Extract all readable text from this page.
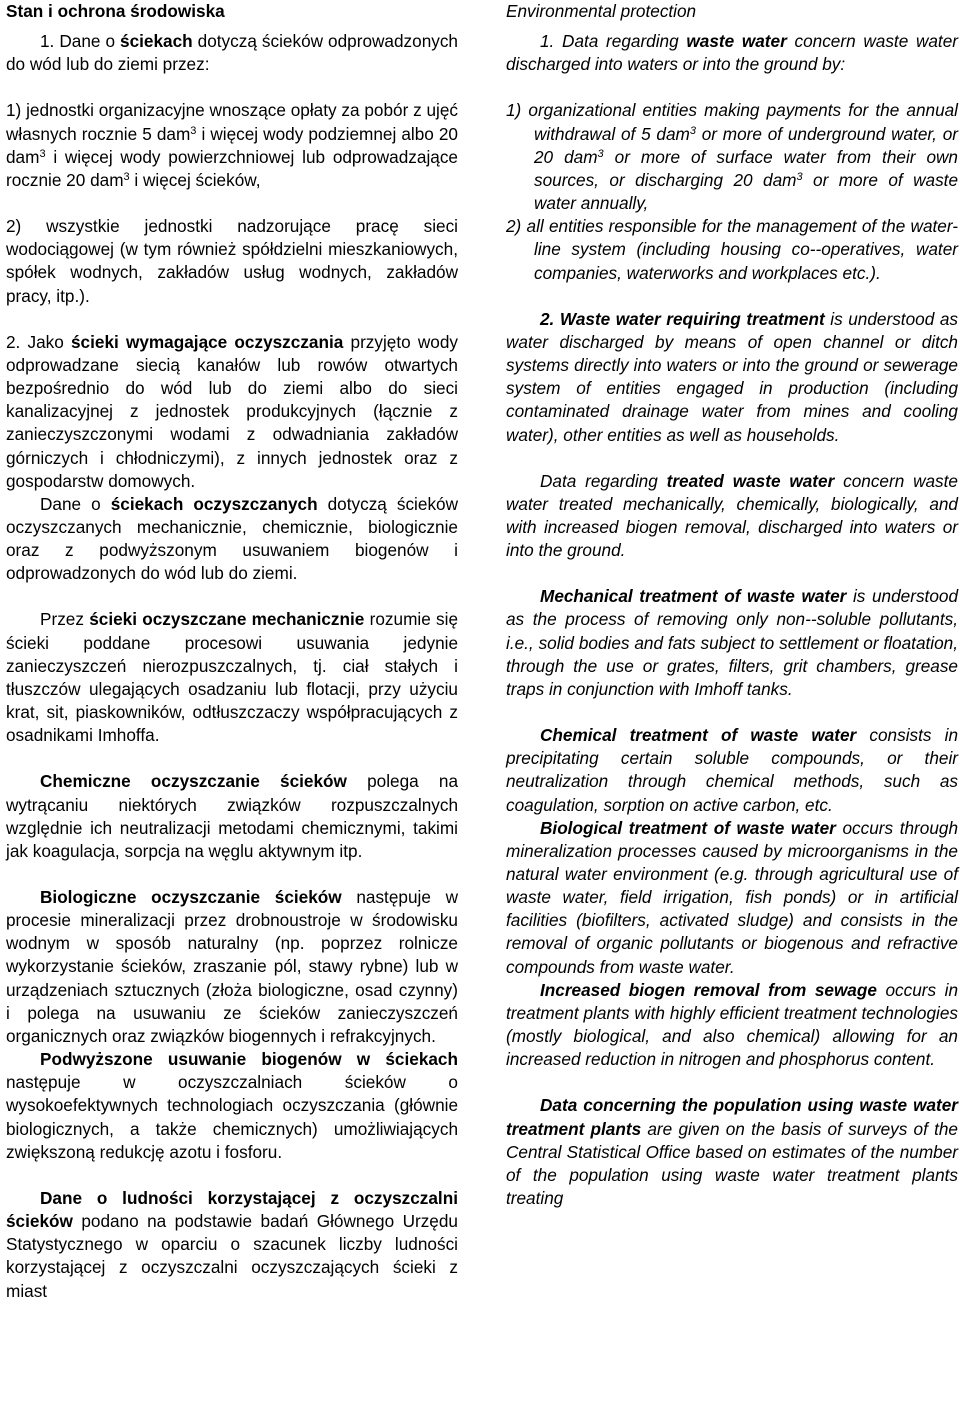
Stan i ochrona środowiska

1. Dane o ściekach dotyczą ścieków odprowadzonych do wód lub do ziemi przez:

1) jednostki organizacyjne wnoszące opłaty za pobór z ujęć własnych rocznie 5 dam$^3$ i więcej wody podziemnej albo 20 dam$^3$ i więcej wody powierzchniowej lub odprowadzające rocznie 20 dam$^3$ i więcej ścieków,

2) wszystkie jednostki nadzorujące pracę sieci wodociągowej (w tym również spółdzielni mieszkaniowych, spółek wodnych, zakładów usług wodnych, zakładów pracy, itp.).

2. Jako ścieki wymagające oczyszczania przyjęto wody odprowadzane siecią kanałów lub rowów otwartych bezpośrednio do wód lub do ziemi albo do sieci kanalizacyjnej z jednostek produkcyjnych (łącznie z zanieczyszczonymi wodami z odwadniania zakładów górniczych i chłodniczymi), z innych jednostek oraz z gospodarstw domowych.

Dane o ściekach oczyszczanych dotyczą ścieków oczyszczanych mechanicznie, chemicznie, biologicznie oraz z podwyższonym usuwaniem biogenów i odprowadzonych do wód lub do ziemi.

Przez ścieki oczyszczane mechanicznie rozumie się ścieki poddane procesowi usuwania jedynie zanieczyszczeń nierozpuszczalnych, tj. ciał stałych i tłuszczów ulegających osadzaniu lub flotacji, przy użyciu krat, sit, piaskowników, odtłuszczaczy współpracujących z osadnikami Imhoffa.

Chemiczne oczyszczanie ścieków polega na wytrącaniu niektórych związków rozpuszczalnych względnie ich neutralizacji metodami chemicznymi, takimi jak koagulacja, sorpcja na węglu aktywnym itp.

Biologiczne oczyszczanie ścieków następuje w procesie mineralizacji przez drobnoustroje w środowisku wodnym w sposób naturalny (np. poprzez rolnicze wykorzystanie ścieków, zraszanie pól, stawy rybne) lub w urządzeniach sztucznych (złoża biologiczne, osad czynny) i polega na usuwaniu ze ścieków zanieczyszczeń organicznych oraz związków biogennych i refrakcyjnych.

Podwyższone usuwanie biogenów w ściekach następuje w oczyszczalniach ścieków o wysokoefektywnych technologiach oczyszczania (głównie biologicznych, a także chemicznych) umożliwiających zwiększoną redukcję azotu i fosforu.

Dane o ludności korzystającej z oczyszczalni ścieków podano na podstawie badań Głównego Urzędu Statystycznego w oparciu o szacunek liczby ludności korzystającej z oczyszczalni oczyszczających ścieki z miast

Environmental protection

1. Data regarding waste water concern waste water discharged into waters or into the ground by:

1) organizational entities making payments for the annual withdrawal of 5 dam$^3$ or more of underground water, or 20 dam$^3$ or more of surface water from their own sources, or discharging 20 dam$^3$ or more of waste water annually,

2) all entities responsible for the management of the water-line system (including housing co--operatives, water companies, waterworks and workplaces etc.).

2. Waste water requiring treatment is understood as water discharged by means of open channel or ditch systems directly into waters or into the ground or sewerage system of entities engaged in production (including contaminated drainage water from mines and cooling water), other entities as well as households.

Data regarding treated waste water concern waste water treated mechanically, chemically, biologically, and with increased biogen removal, discharged into waters or into the ground.

Mechanical treatment of waste water is understood as the process of removing only non--soluble pollutants, i.e., solid bodies and fats subject to settlement or floatation, through the use or grates, filters, grit chambers, grease traps in conjunction with Imhoff tanks.

Chemical treatment of waste water consists in precipitating certain soluble compounds, or their neutralization through chemical methods, such as coagulation, sorption on active carbon, etc.

Biological treatment of waste water occurs through mineralization processes caused by microorganisms in the natural water environment (e.g. through agricultural use of waste water, field irrigation, fish ponds) or in artificial facilities (biofilters, activated sludge) and consists in the removal of organic pollutants or biogenous and refractive compounds from waste water.

Increased biogen removal from sewage occurs in treatment plants with highly efficient treatment technologies (mostly biological, and also chemical) allowing for an increased reduction in nitrogen and phosphorus content.

Data concerning the population using waste water treatment plants are given on the basis of surveys of the Central Statistical Office based on estimates of the number of the population using waste water treatment plants treating
